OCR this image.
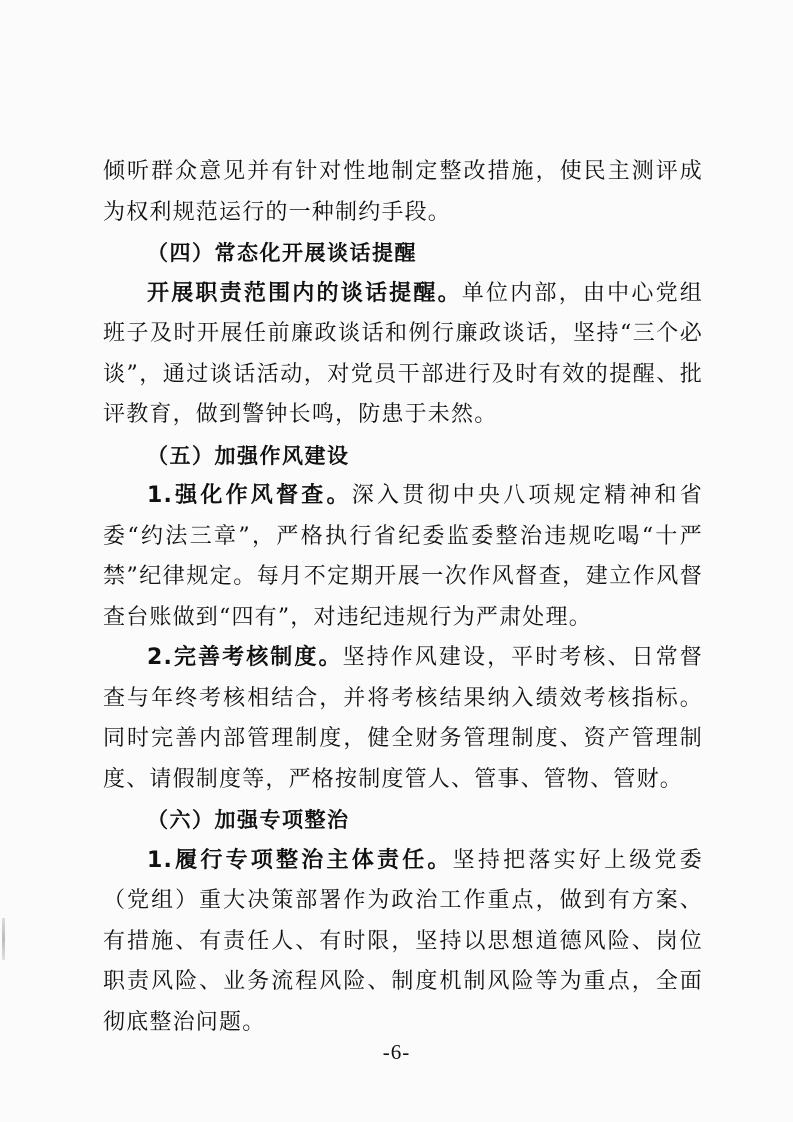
倾听群众意见并有针对性地制定整改措施，使民主测评成为权利规范运行的一种制约手段。

（四）常态化开展谈话提醒

开展职责范围内的谈话提醒。单位内部，由中心党组班子及时开展任前廉政谈话和例行廉政谈话，坚持“三个必谈”，通过谈话活动，对党员干部进行及时有效的提醒、批评教育，做到警钟长鸣，防患于未然。

（五）加强作风建设

1.强化作风督查。深入贯彻中央八项规定精神和省委“约法三章”，严格执行省纪委监委整治违规吃喝“十严禁”纪律规定。每月不定期开展一次作风督查，建立作风督查台账做到“四有”，对违纪违规行为严肃处理。

2.完善考核制度。坚持作风建设，平时考核、日常督查与年终考核相结合，并将考核结果纳入绩效考核指标。同时完善内部管理制度，健全财务管理制度、资产管理制度、请假制度等，严格按制度管人、管事、管物、管财。

（六）加强专项整治

1.履行专项整治主体责任。坚持把落实好上级党委（党组）重大决策部署作为政治工作重点，做到有方案、有措施、有责任人、有时限，坚持以思想道德风险、岗位职责风险、业务流程风险、制度机制风险等为重点，全面彻底整治问题。

-6-
